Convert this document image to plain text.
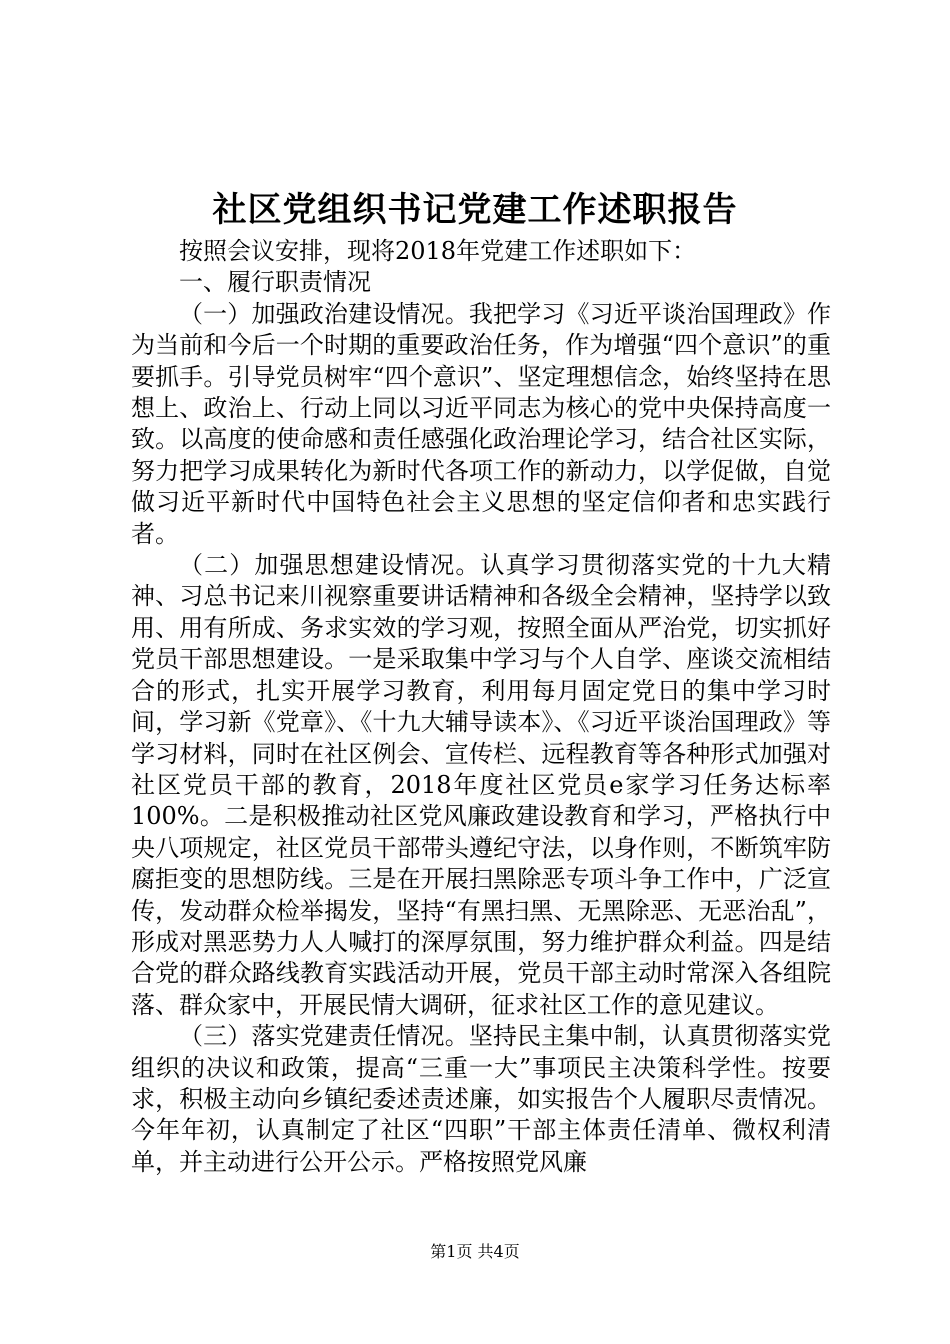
社区党组织书记党建工作述职报告

按照会议安排，现将2018年党建工作述职如下：

一、履行职责情况

（一）加强政治建设情况。我把学习《习近平谈治国理政》作为当前和今后一个时期的重要政治任务，作为增强“四个意识”的重要抓手。引导党员树牢“四个意识”、坚定理想信念，始终坚持在思想上、政治上、行动上同以习近平同志为核心的党中央保持高度一致。以高度的使命感和责任感强化政治理论学习，结合社区实际，努力把学习成果转化为新时代各项工作的新动力，以学促做，自觉做习近平新时代中国特色社会主义思想的坚定信仰者和忠实践行者。

（二）加强思想建设情况。认真学习贯彻落实党的十九大精神、习总书记来川视察重要讲话精神和各级全会精神，坚持学以致用、用有所成、务求实效的学习观，按照全面从严治党，切实抓好党员干部思想建设。一是采取集中学习与个人自学、座谈交流相结合的形式，扎实开展学习教育，利用每月固定党日的集中学习时间，学习新《党章》、《十九大辅导读本》、《习近平谈治国理政》等学习材料，同时在社区例会、宣传栏、远程教育等各种形式加强对社区党员干部的教育，2018年度社区党员e家学习任务达标率100%。二是积极推动社区党风廉政建设教育和学习，严格执行中央八项规定，社区党员干部带头遵纪守法，以身作则，不断筑牢防腐拒变的思想防线。三是在开展扫黑除恶专项斗争工作中，广泛宣传，发动群众检举揭发，坚持“有黑扫黑、无黑除恶、无恶治乱”，形成对黑恶势力人人喊打的深厚氛围，努力维护群众利益。四是结合党的群众路线教育实践活动开展，党员干部主动时常深入各组院落、群众家中，开展民情大调研，征求社区工作的意见建议。

（三）落实党建责任情况。坚持民主集中制，认真贯彻落实党组织的决议和政策，提高“三重一大”事项民主决策科学性。按要求，积极主动向乡镇纪委述责述廉，如实报告个人履职尽责情况。今年年初，认真制定了社区“四职”干部主体责任清单、微权利清单，并主动进行公开公示。严格按照党风廉

第1页 共4页
